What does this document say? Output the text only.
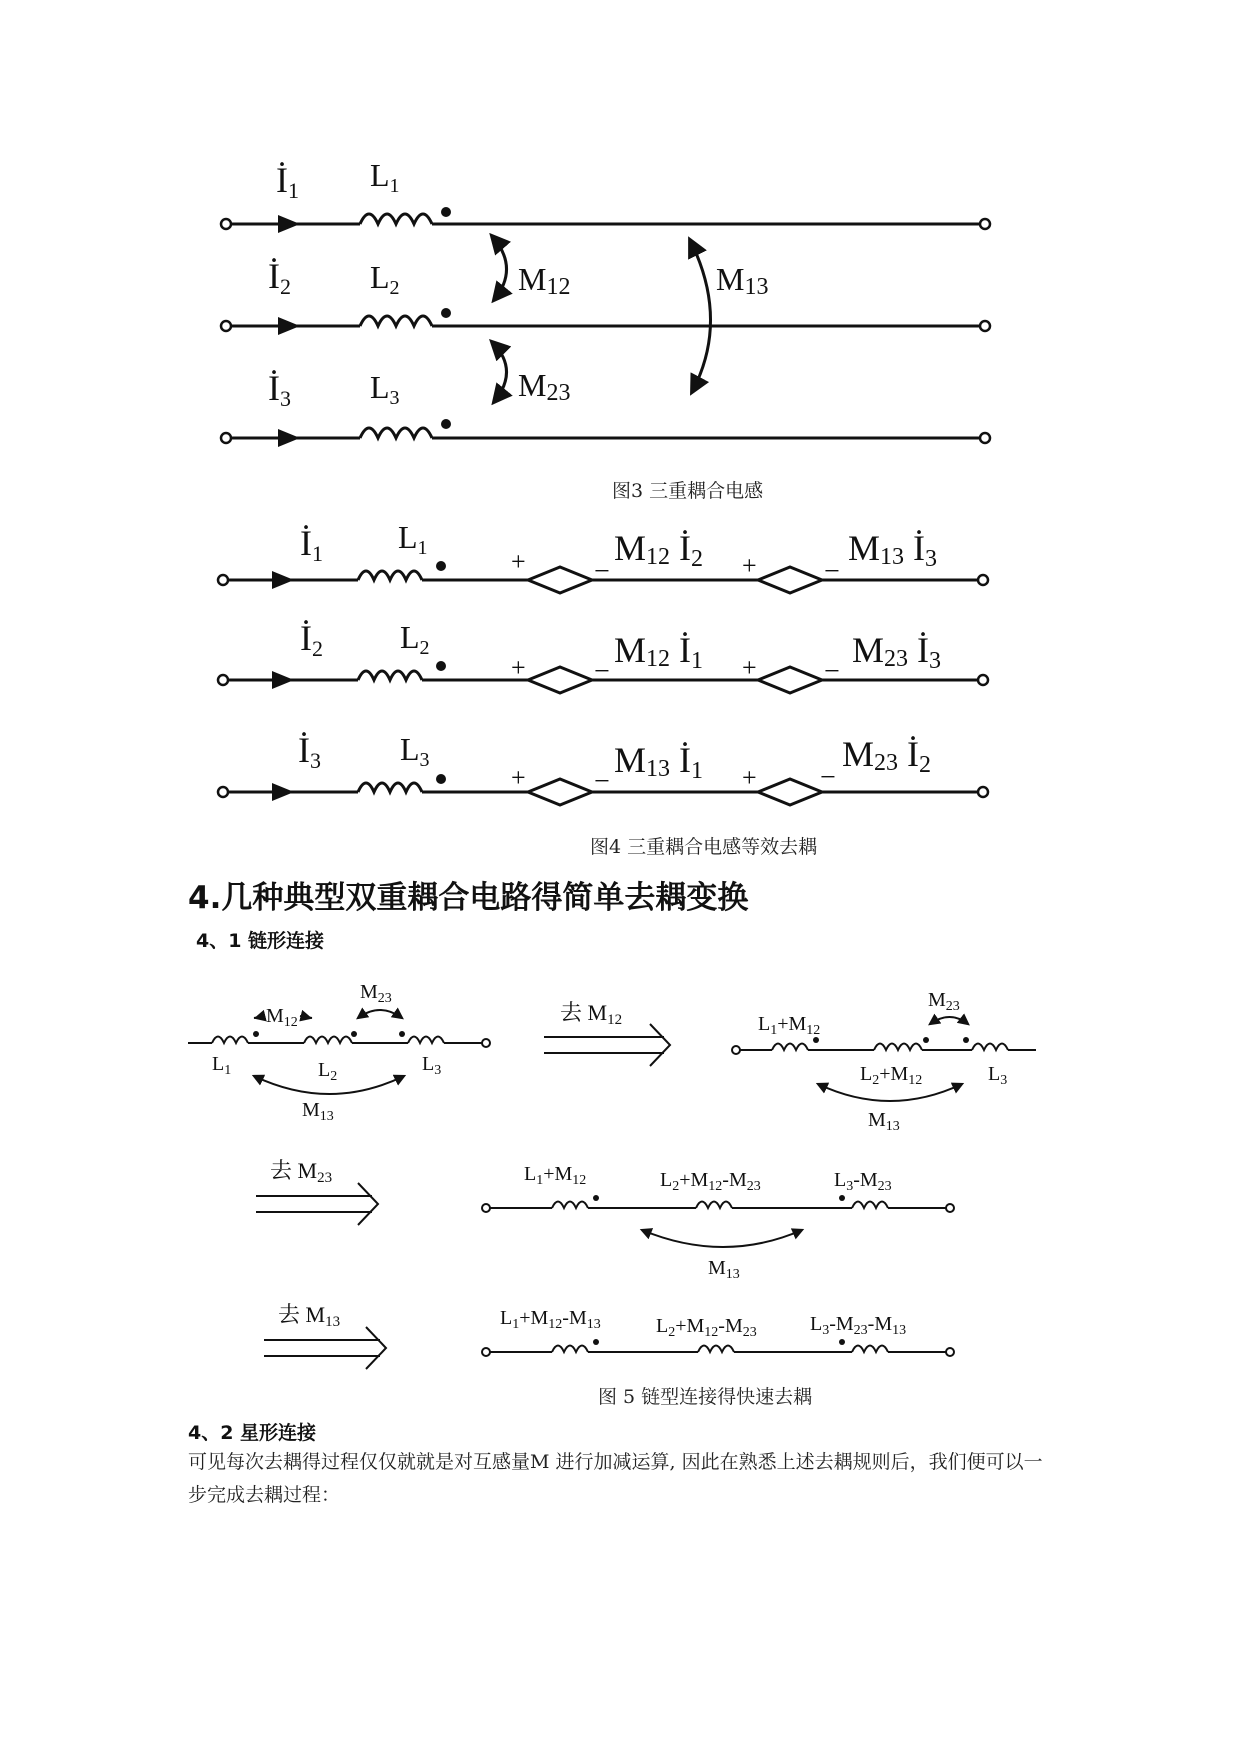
İ1 L1
İ2 L2
İ3 L3
M12
M23
M13
图3 三重耦合电感
İ1 L1	+ −
M12 İ2 + −
M13 İ3
İ2 L2
+ −
M12 İ1 + −
M23 İ3
İ3 L3
+ −
M13 İ1 + −
M23 İ2
图4 三重耦合电感等效去耦
4.几种典型双重耦合电路得简单去耦变换
4、1 链形连接
$M_{12}$
$M_{23}$
$L_1$	$L_2$
$L_3$
$M_{13}$
去 M12	$L_1+M_{12}$
$M_{23}$
$L_2+M_{12}$	$L_3$
$M_{13}$
去 M23	$L_1+M_{12}$	$L_2+M_{12}-M_{23}$	$L_3-M_{23}$
$M_{13}$
去 M13	$L_1+M_{12}-M_{13}$	$L_2+M_{12}-M_{23}$	$L_3-M_{23}-M_{13}$
图 5 链型连接得快速去耦
4、2 星形连接
可见每次去耦得过程仅仅就就是对互感量M 进行加减运算, 因此在熟悉上述去耦规则后，我们便可以一步完成去耦过程：
